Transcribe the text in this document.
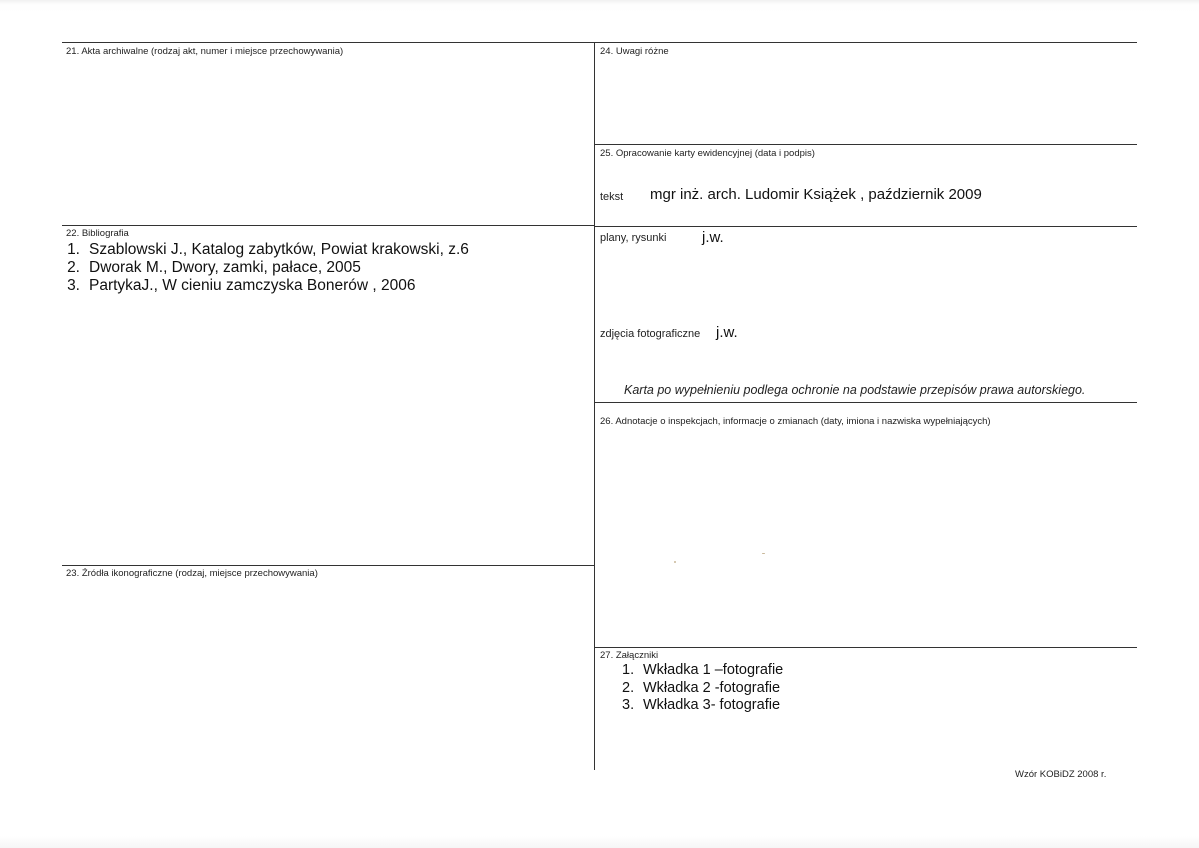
21. Akta archiwalne (rodzaj akt, numer i miejsce przechowywania)
22. Bibliografia
1. Szablowski J., Katalog zabytków, Powiat krakowski, z.6
2. Dworak M., Dwory, zamki, pałace, 2005
3. PartykaJ., W cieniu zamczyska Bonerów , 2006
23. Źródła ikonograficzne (rodzaj, miejsce przechowywania)
24. Uwagi różne
25. Opracowanie karty ewidencyjnej (data i podpis)
tekst mgr inż. arch. Ludomir Książek , październik 2009
plany, rysunki j.w.
zdjęcia fotograficzne j.w.
Karta po wypełnieniu podlega ochronie na podstawie przepisów prawa autorskiego.
26. Adnotacje o inspekcjach, informacje o zmianach (daty, imiona i nazwiska wypełniających)
27. Załączniki
1. Wkładka 1 –fotografie
2. Wkładka 2 -fotografie
3. Wkładka 3- fotografie
Wzór KOBiDZ 2008 r.
